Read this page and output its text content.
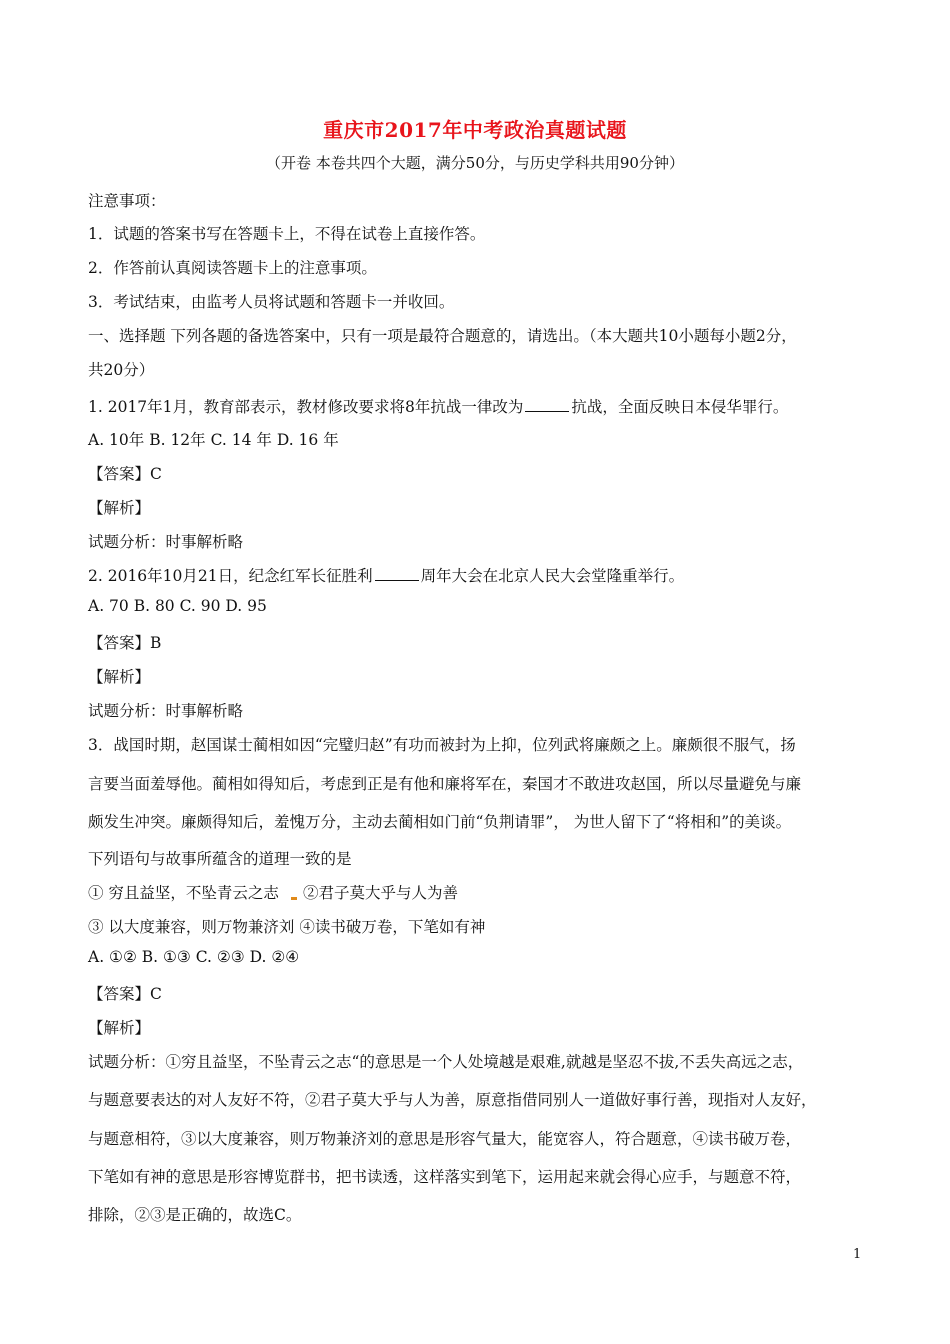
重庆市2017年中考政治真题试题
（开卷 本卷共四个大题，满分50分，与历史学科共用90分钟）
注意事项：
1．试题的答案书写在答题卡上，不得在试卷上直接作答。
2．作答前认真阅读答题卡上的注意事项。
3．考试结束，由监考人员将试题和答题卡一并收回。
一、选择题 下列各题的备选答案中，只有一项是最符合题意的，请选出。（本大题共10小题每小题2分，
共20分）
1. 2017年1月，教育部表示，教材修改要求将8年抗战一律改为	抗战，全面反映日本侵华罪行。
A. 10年 B. 12年 C. 14 年 D. 16 年
【答案】C
【解析】
试题分析：时事解析略
2. 2016年10月21日，纪念红军长征胜利	周年大会在北京人民大会堂隆重举行。
A. 70 B. 80 C. 90 D. 95
【答案】B
【解析】
试题分析：时事解析略
3．战国时期，赵国谋士蔺相如因“完璧归赵”有功而被封为上抑，位列武将廉颇之上。廉颇很不服气，扬
言要当面羞辱他。蔺相如得知后，考虑到正是有他和廉将军在，秦国才不敢进攻赵国，所以尽量避免与廉
颇发生冲突。廉颇得知后，羞愧万分，主动去蔺相如门前“负荆请罪”， 为世人留下了“将相和”的美谈。
下列语句与故事所蕴含的道理一致的是
① 穷且益坚，不坠青云之志 ②君子莫大乎与人为善
③ 以大度兼容，则万物兼济刘 ④读书破万卷，下笔如有神
A. ①② B. ①③ C. ②③ D. ②④
【答案】C
【解析】
试题分析：①穷且益坚，不坠青云之志“的意思是一个人处境越是艰难,就越是坚忍不拔,不丢失高远之志，
与题意要表达的对人友好不符，②君子莫大乎与人为善，原意指借同别人一道做好事行善，现指对人友好，
与题意相符，③以大度兼容，则万物兼济刘的意思是形容气量大，能宽容人，符合题意，④读书破万卷，
下笔如有神的意思是形容博览群书，把书读透，这样落实到笔下，运用起来就会得心应手，与题意不符，
排除，②③是正确的，故选C。
1
